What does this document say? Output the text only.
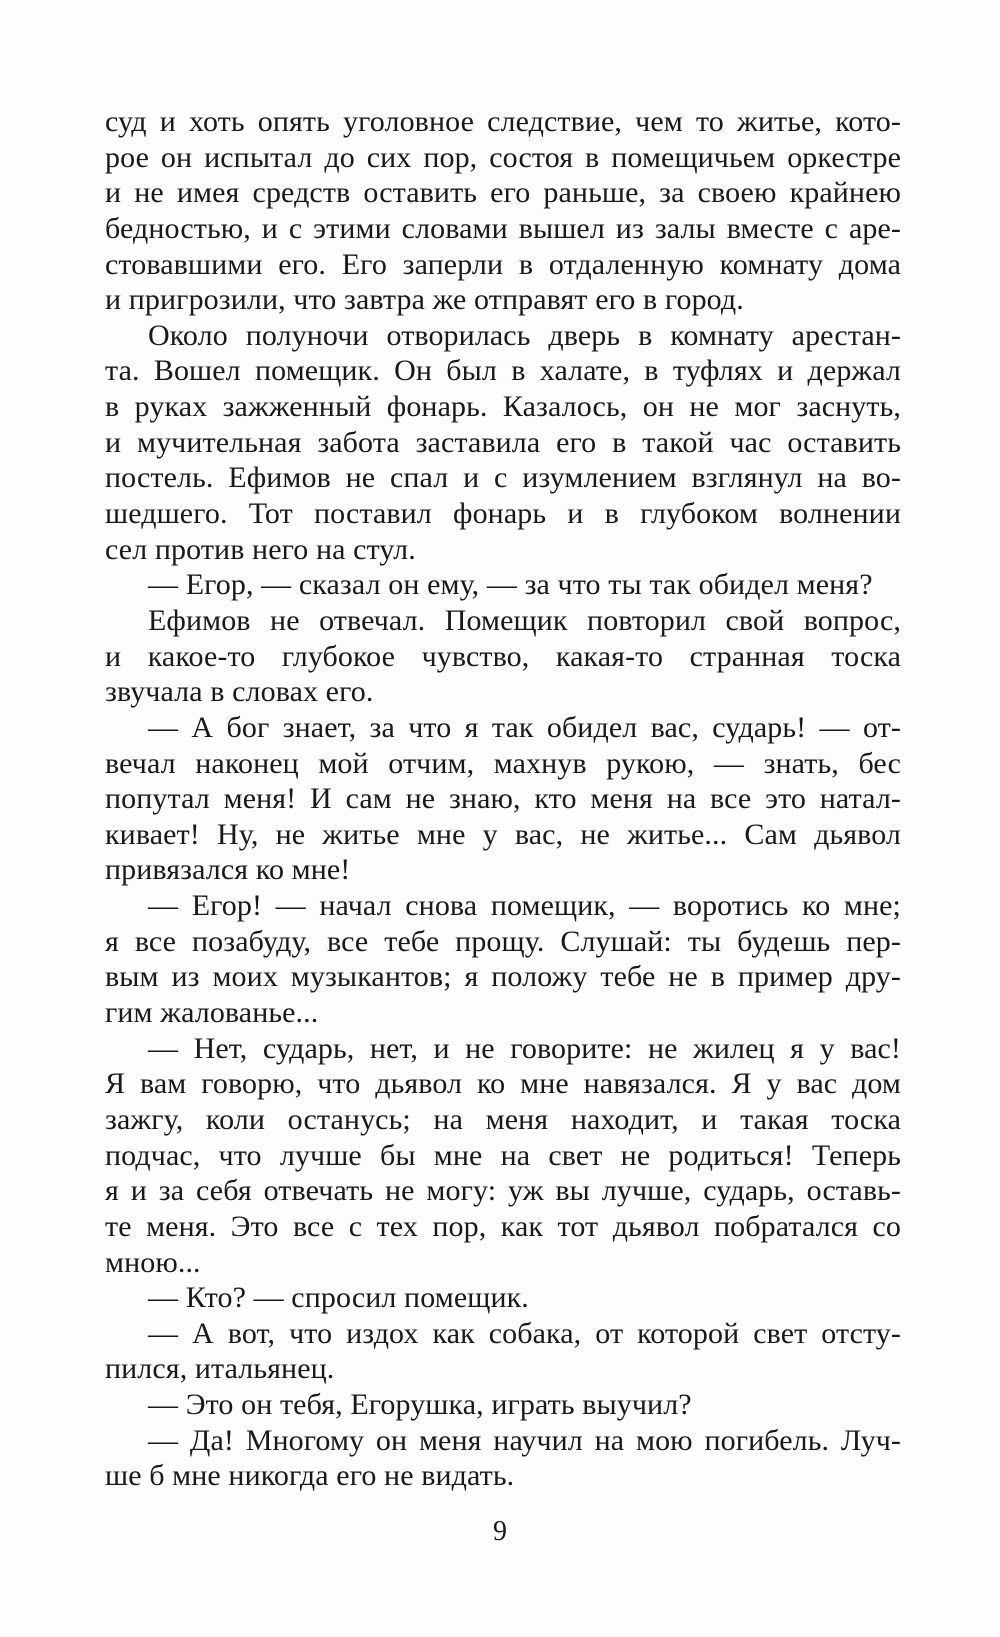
суд и хоть опять уголовное следствие, чем то житье, кото-
рое он испытал до сих пор, состоя в помещичьем оркестре
и не имея средств оставить его раньше, за своею крайнею
бедностью, и с этими словами вышел из залы вместе с аре-
стовавшими его. Его заперли в отдаленную комнату дома
и пригрозили, что завтра же отправят его в город.
Около полуночи отворилась дверь в комнату арестан-
та. Вошел помещик. Он был в халате, в туфлях и держал
в руках зажженный фонарь. Казалось, он не мог заснуть,
и мучительная забота заставила его в такой час оставить
постель. Ефимов не спал и с изумлением взглянул на во-
шедшего. Тот поставил фонарь и в глубоком волнении
сел против него на стул.
— Егор, — сказал он ему, — за что ты так обидел меня?
Ефимов не отвечал. Помещик повторил свой вопрос,
и какое-то глубокое чувство, какая-то странная тоска
звучала в словах его.
— А бог знает, за что я так обидел вас, сударь! — от-
вечал наконец мой отчим, махнув рукою, — знать, бес
попутал меня! И сам не знаю, кто меня на все это натал-
кивает! Ну, не житье мне у вас, не житье... Сам дьявол
привязался ко мне!
— Егор! — начал снова помещик, — воротись ко мне;
я все позабуду, все тебе прощу. Слушай: ты будешь пер-
вым из моих музыкантов; я положу тебе не в пример дру-
гим жалованье...
— Нет, сударь, нет, и не говорите: не жилец я у вас!
Я вам говорю, что дьявол ко мне навязался. Я у вас дом
зажгу, коли останусь; на меня находит, и такая тоска
подчас, что лучше бы мне на свет не родиться! Теперь
я и за себя отвечать не могу: уж вы лучше, сударь, оставь-
те меня. Это все с тех пор, как тот дьявол побратался со
мною...
— Кто? — спросил помещик.
— А вот, что издох как собака, от которой свет отсту-
пился, итальянец.
— Это он тебя, Егорушка, играть выучил?
— Да! Многому он меня научил на мою погибель. Луч-
ше б мне никогда его не видать.
9
